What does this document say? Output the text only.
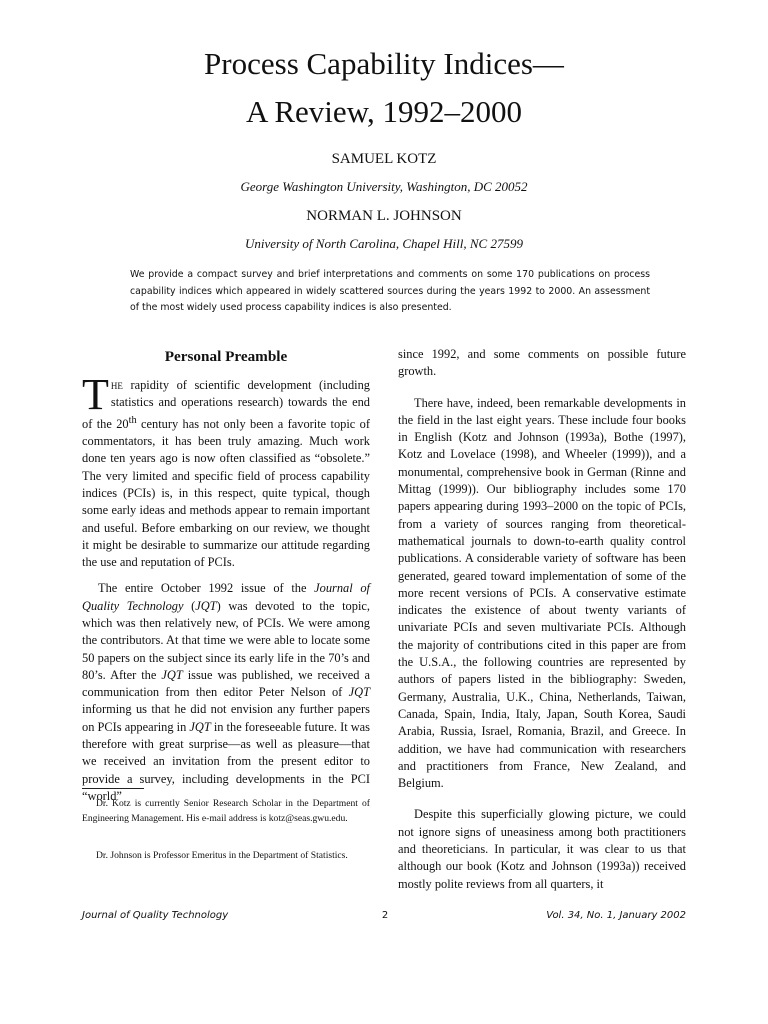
Process Capability Indices—
A Review, 1992–2000
SAMUEL KOTZ
George Washington University, Washington, DC 20052
NORMAN L. JOHNSON
University of North Carolina, Chapel Hill, NC 27599

We provide a compact survey and brief interpretations and comments on some 170 publications on process capability indices which appeared in widely scattered sources during the years 1992 to 2000. An assessment of the most widely used process capability indices is also presented.

Personal Preamble

The rapidity of scientific development (including statistics and operations research) towards the end of the 20th century has not only been a favorite topic of commentators, it has been truly amazing. Much work done ten years ago is now often classified as “obsolete.” The very limited and specific field of process capability indices (PCIs) is, in this respect, quite typical, though some early ideas and methods appear to remain important and useful. Before embarking on our review, we thought it might be desirable to summarize our attitude regarding the use and reputation of PCIs.

The entire October 1992 issue of the Journal of Quality Technology (JQT) was devoted to the topic, which was then relatively new, of PCIs. We were among the contributors. At that time we were able to locate some 50 papers on the subject since its early life in the 70’s and 80’s. After the JQT issue was published, we received a communication from then editor Peter Nelson of JQT informing us that he did not envision any further papers on PCIs appearing in JQT in the foreseeable future. It was therefore with great surprise—as well as pleasure—that we received an invitation from the present editor to provide a survey, including developments in the PCI “world”

Dr. Kotz is currently Senior Research Scholar in the Department of Engineering Management. His e-mail address is kotz@seas.gwu.edu.

Dr. Johnson is Professor Emeritus in the Department of Statistics.

since 1992, and some comments on possible future growth.

There have, indeed, been remarkable developments in the field in the last eight years. These include four books in English (Kotz and Johnson (1993a), Bothe (1997), Kotz and Lovelace (1998), and Wheeler (1999)), and a monumental, comprehensive book in German (Rinne and Mittag (1999)). Our bibliography includes some 170 papers appearing during 1993–2000 on the topic of PCIs, from a variety of sources ranging from theoretical-mathematical journals to down-to-earth quality control publications. A considerable variety of software has been generated, geared toward implementation of some of the more recent versions of PCIs. A conservative estimate indicates the existence of about twenty variants of univariate PCIs and seven multivariate PCIs. Although the majority of contributions cited in this paper are from the U.S.A., the following countries are represented by authors of papers listed in the bibliography: Sweden, Germany, Australia, U.K., China, Netherlands, Taiwan, Canada, Spain, India, Italy, Japan, South Korea, Saudi Arabia, Russia, Israel, Romania, Brazil, and Greece. In addition, we have had communication with researchers and practitioners from France, New Zealand, and Belgium.

Despite this superficially glowing picture, we could not ignore signs of uneasiness among both practitioners and theoreticians. In particular, it was clear to us that although our book (Kotz and Johnson (1993a)) received mostly polite reviews from all quarters, it

Journal of Quality Technology	2	Vol. 34, No. 1, January 2002
